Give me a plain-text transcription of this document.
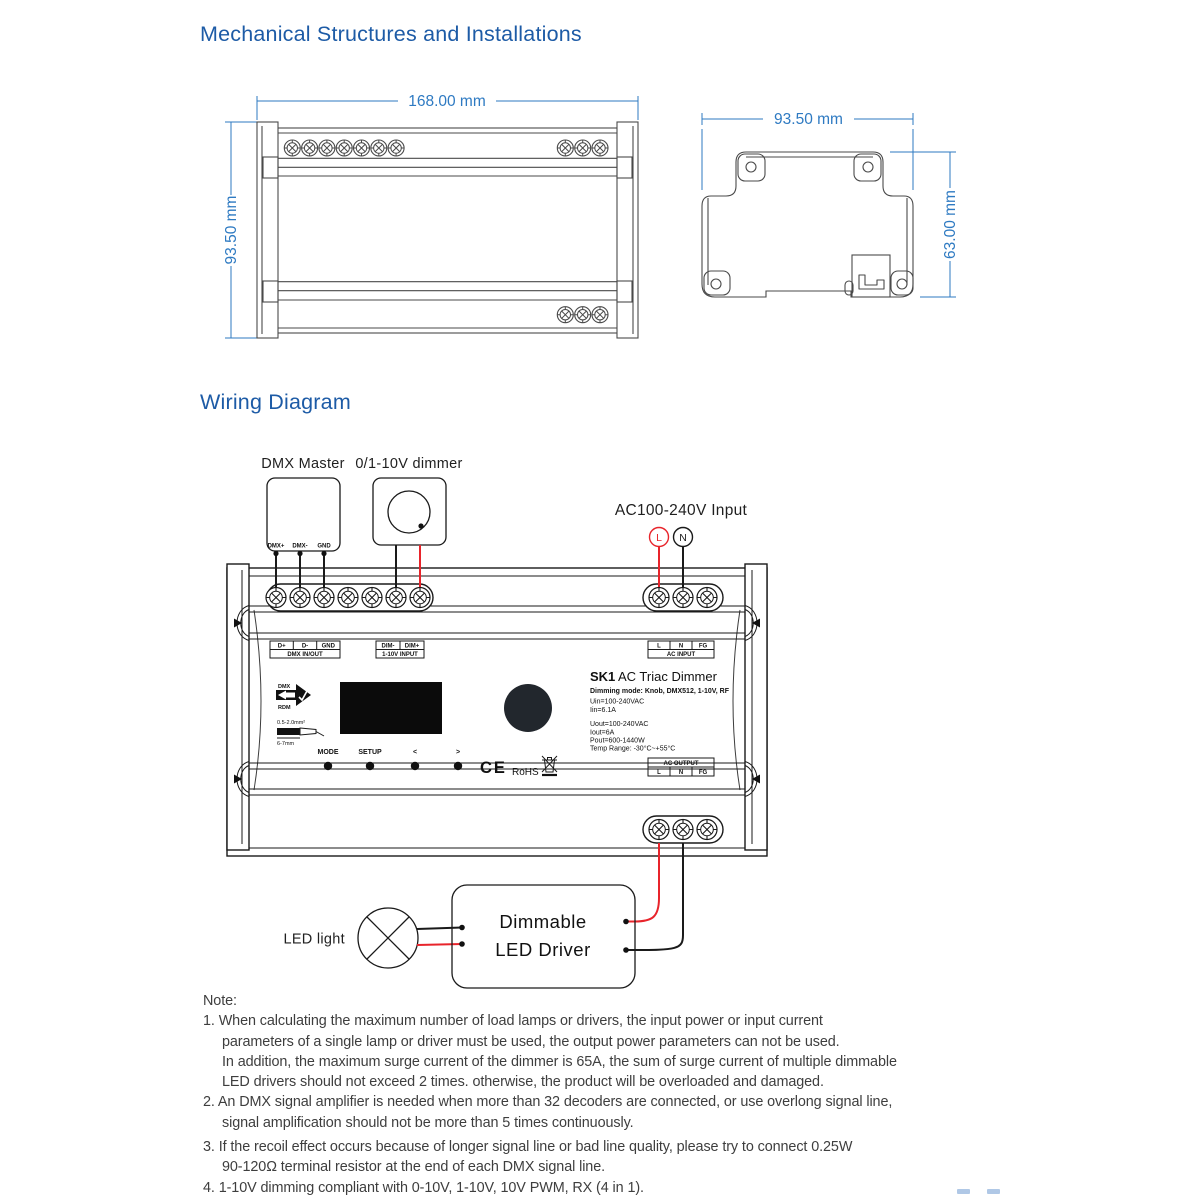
Mechanical Structures and Installations
168.00 mm
93.50 mm
93.50 mm
63.00 mm
Wiring Diagram
DMX Master
DMX+ DMX- GND
0/1-10V dimmer
AC100-240V Input
L N
D+	D- GND
DMX IN/OUT
DIM- DIM+
1-10V INPUT
L	N	FG
AC INPUT
AC OUTPUT
L	N	FG
SK1 AC Triac Dimmer
Dimming mode: Knob, DMX512, 1-10V, RF
Uin=100-240VAC
Iin=6.1A
Uout=100-240VAC
Iout=6A
Pout=600-1440W
Temp Range: -30°C~+55°C
DMX
RDM
0.5-2.0mm²
6-7mm
MODE	SETUP	<	>
CE RoHS
LED light
Dimmable
LED Driver
Note:
1. When calculating the maximum number of load lamps or drivers, the input power or input current
parameters of a single lamp or driver must be used, the output power parameters can not be used.
In addition, the maximum surge current of the dimmer is 65A, the sum of surge current of multiple dimmable
LED drivers should not exceed 2 times. otherwise, the product will be overloaded and damaged.
2. An DMX signal amplifier is needed when more than 32 decoders are connected, or use overlong signal line,
signal amplification should not be more than 5 times continuously.
3. If the recoil effect occurs because of longer signal line or bad line quality, please try to connect 0.25W
90-120Ω terminal resistor at the end of each DMX signal line.
4. 1-10V dimming compliant with 0-10V, 1-10V, 10V PWM, RX (4 in 1).
